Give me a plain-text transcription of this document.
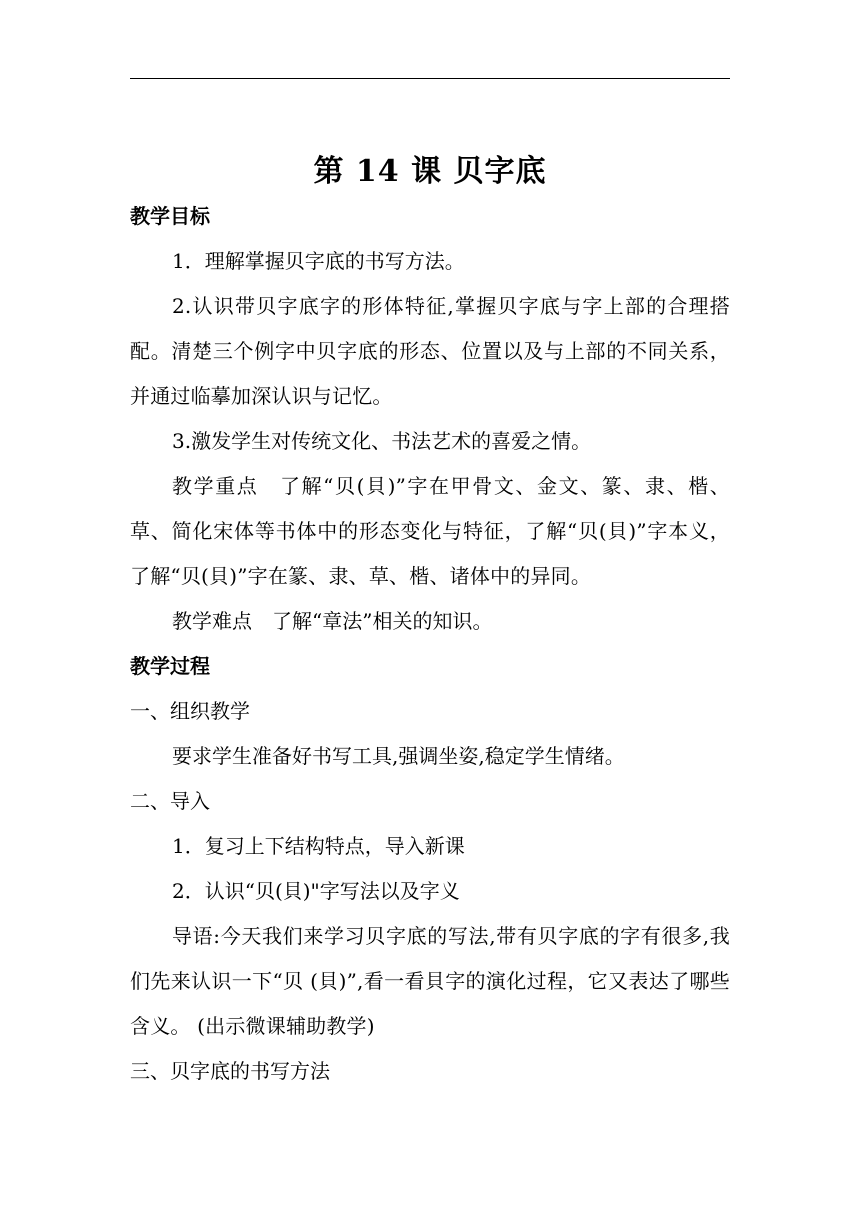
第 14 课 贝字底
教学目标
1．理解掌握贝字底的书写方法。
2.认识带贝字底字的形体特征,掌握贝字底与字上部的合理搭配。清楚三个例字中贝字底的形态、位置以及与上部的不同关系，并通过临摹加深认识与记忆。
3.激发学生对传统文化、书法艺术的喜爱之情。
教学重点　了解“贝(貝)”字在甲骨文、金文、篆、隶、楷、草、简化宋体等书体中的形态变化与特征，了解“贝(貝)”字本义，了解“贝(貝)”字在篆、隶、草、楷、诸体中的异同。
教学难点　了解“章法”相关的知识。
教学过程
一、组织教学
要求学生准备好书写工具,强调坐姿,稳定学生情绪。
二、导入
1．复习上下结构特点，导入新课
2．认识“贝(貝)"字写法以及字义
导语:今天我们来学习贝字底的写法,带有贝字底的字有很多,我们先来认识一下“贝 (貝)”,看一看貝字的演化过程，它又表达了哪些含义。 (出示微课辅助教学)
三、贝字底的书写方法
